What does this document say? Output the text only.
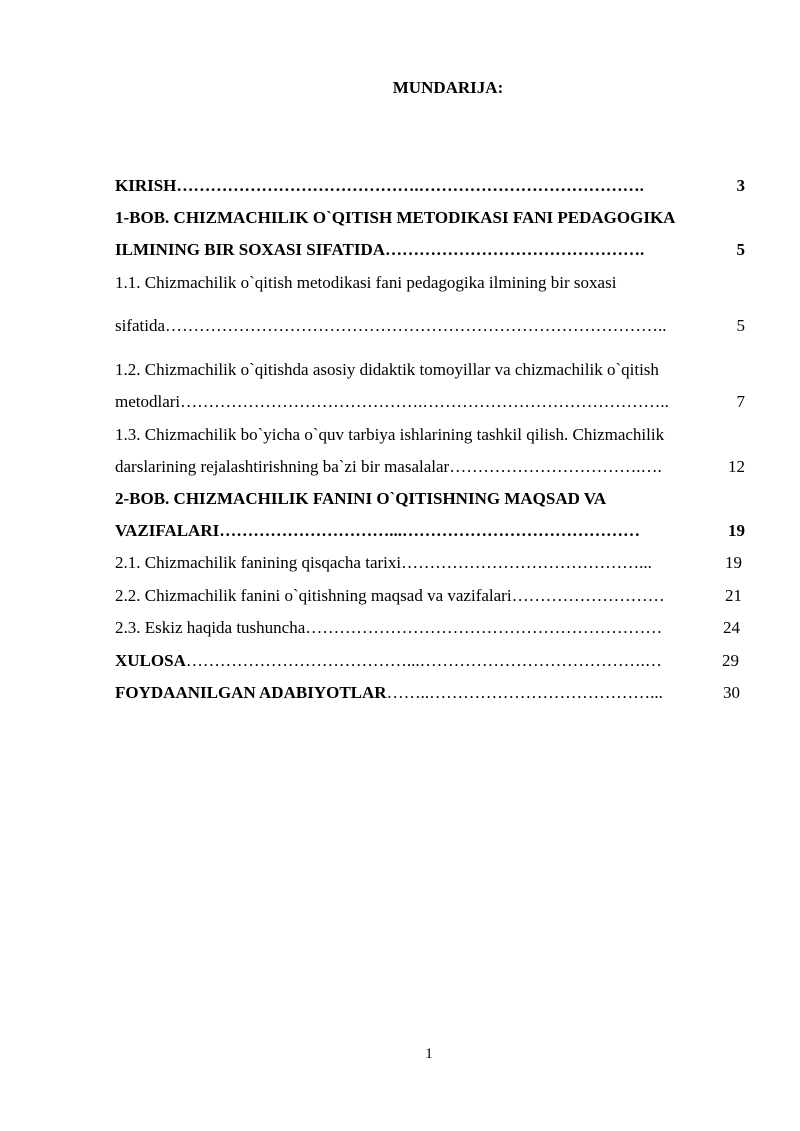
MUNDARIJA:
KIRISH …………………………………….………………………………….	3
1-BOB. CHIZMACHILIK O`QITISH METODIKASI FANI PEDAGOGIKA
ILMINING BIR SOXASI SIFATIDA ……………………………………….	5
1.1. Chizmachilik o`qitish metodikasi fani pedagogika ilmining bir soxasi
sifatida ……………………………………………………………………………..	5
1.2. Chizmachilik o`qitishda asosiy didaktik tomoyillar va chizmachilik o`qitish
metodlari …………………………………….……………………………………..	7
1.3. Chizmachilik bo`yicha o`quv tarbiya ishlarining tashkil qilish. Chizmachilik
darslarining rejalashtirishning ba`zi bir masalalar …………………………….….	12
2-BOB. CHIZMACHILIK FANINI O`QITISHNING MAQSAD VA
VAZIFALARI …………………………...……………………………………	19
2.1. Chizmachilik fanining qisqacha tarixi ……………………………………...	19
2.2. Chizmachilik fanini o`qitishning maqsad va vazifalari ………………………	21
2.3. Eskiz haqida tushuncha ………………………………………………………	24
XULOSA …………………………………...………………………………….…	29
FOYDAANILGAN ADABIYOTLAR ……..…………………………………...	30
1
